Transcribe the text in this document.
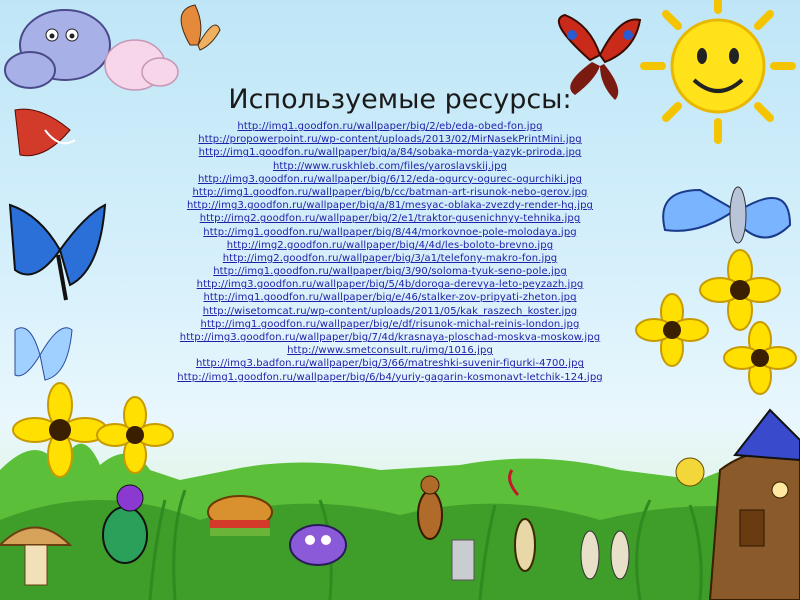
Используемые ресурсы:
http://img1.goodfon.ru/wallpaper/big/2/eb/eda-obed-fon.jpg
http://propowerpoint.ru/wp-content/uploads/2013/02/MirNasekPrintMini.jpg
http://img1.goodfon.ru/wallpaper/big/a/84/sobaka-morda-yazyk-priroda.jpg
http://www.ruskhleb.com/files/yaroslavskij.jpg
http://img3.goodfon.ru/wallpaper/big/6/12/eda-ogurcy-ogurec-ogurchiki.jpg
http://img1.goodfon.ru/wallpaper/big/b/cc/batman-art-risunok-nebo-gerov.jpg
http://img3.goodfon.ru/wallpaper/big/a/81/mesyac-oblaka-zvezdy-render-hq.jpg
http://img2.goodfon.ru/wallpaper/big/2/e1/traktor-gusenichnyy-tehnika.jpg
http://img1.goodfon.ru/wallpaper/big/8/44/morkovnoe-pole-molodaya.jpg
http://img2.goodfon.ru/wallpaper/big/4/4d/les-boloto-brevno.jpg
http://img2.goodfon.ru/wallpaper/big/3/a1/telefony-makro-fon.jpg
http://img1.goodfon.ru/wallpaper/big/3/90/soloma-tyuk-seno-pole.jpg
http://img3.goodfon.ru/wallpaper/big/5/4b/doroga-derevya-leto-peyzazh.jpg
http://img1.goodfon.ru/wallpaper/big/e/46/stalker-zov-pripyati-zheton.jpg
http://wisetomcat.ru/wp-content/uploads/2011/05/kak_raszech_koster.jpg
http://img1.goodfon.ru/wallpaper/big/e/df/risunok-michal-reinis-london.jpg
http://img3.goodfon.ru/wallpaper/big/7/4d/krasnaya-ploschad-moskva-moskow.jpg
http://www.smetconsult.ru/img/1016.jpg
http://img3.badfon.ru/wallpaper/big/3/66/matreshki-suvenir-figurki-4700.jpg
http://img1.goodfon.ru/wallpaper/big/6/b4/yuriy-gagarin-kosmonavt-letchik-124.jpg
